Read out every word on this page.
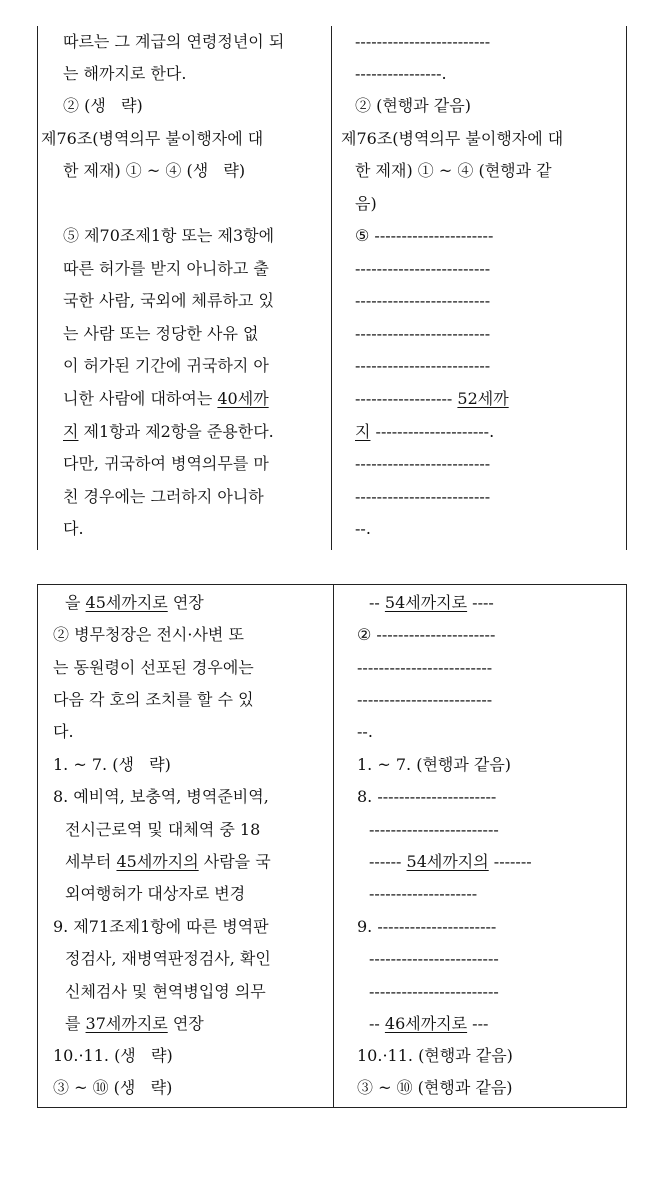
따르는 그 계급의 연령정년이 되
는 해까지로 한다.
② (생   략)
제76조(병역의무 불이행자에 대
한 제재) ① ~ ④ (생   략)
⑤ 제70조제1항 또는 제3항에
따른 허가를 받지 아니하고 출
국한 사람, 국외에 체류하고 있
는 사람 또는 정당한 사유 없
이 허가된 기간에 귀국하지 아
니한 사람에 대하여는 40세까
지 제1항과 제2항을 준용한다.
다만, 귀국하여 병역의무를 마
친 경우에는 그러하지 아니하
다.
-------------------------
----------------.
② (현행과 같음)
제76조(병역의무 불이행자에 대
한 제재) ① ~ ④ (현행과 같
음)
⑤ ----------------------
-------------------------
-------------------------
-------------------------
-------------------------
------------------ 52세까
지 ---------------------.
-------------------------
-------------------------
--.
을 45세까지로 연장
② 병무청장은 전시·사변 또
는 동원령이 선포된 경우에는
다음 각 호의 조치를 할 수 있
다.
1. ~ 7. (생   략)
8. 예비역, 보충역, 병역준비역,
전시근로역 및 대체역 중 18
세부터 45세까지의 사람을 국
외여행허가 대상자로 변경
9. 제71조제1항에 따른 병역판
정검사, 재병역판정검사, 확인
신체검사 및 현역병입영 의무
를 37세까지로 연장
10.·11. (생   략)
③ ~ ⑩ (생   략)
-- 54세까지로 ----
② ----------------------
-------------------------
-------------------------
--.
1. ~ 7. (현행과 같음)
8. ----------------------
------------------------
------ 54세까지의 -------
--------------------
9. ----------------------
------------------------
------------------------
-- 46세까지로 ---
10.·11. (현행과 같음)
③ ~ ⑩ (현행과 같음)
